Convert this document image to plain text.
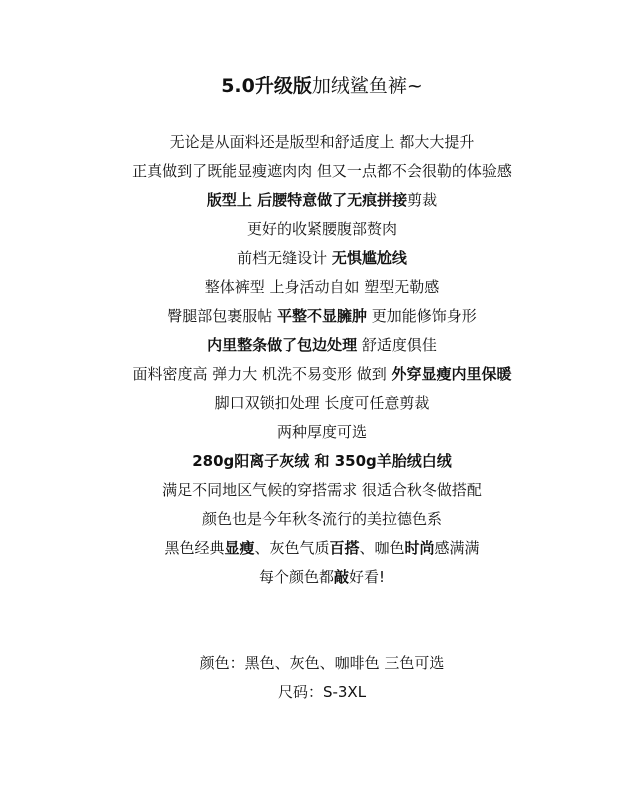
5.0升级版加绒鲨鱼裤~
无论是从面料还是版型和舒适度上 都大大提升
正真做到了既能显瘦遮肉肉 但又一点都不会很勒的体验感
版型上 后腰特意做了无痕拼接剪裁
更好的收紧腰腹部赘肉
前档无缝设计 无惧尴尬线
整体裤型 上身活动自如 塑型无勒感
臀腿部包裹服帖 平整不显臃肿 更加能修饰身形
内里整条做了包边处理 舒适度俱佳
面料密度高 弹力大 机洗不易变形 做到 外穿显瘦内里保暖
脚口双锁扣处理 长度可任意剪裁
两种厚度可选
280g阳离子灰绒 和 350g羊胎绒白绒
满足不同地区气候的穿搭需求 很适合秋冬做搭配
颜色也是今年秋冬流行的美拉德色系
黑色经典显瘦、灰色气质百搭、咖色时尚感满满
每个颜色都敲好看!
颜色：黑色、灰色、咖啡色 三色可选
尺码：S-3XL
